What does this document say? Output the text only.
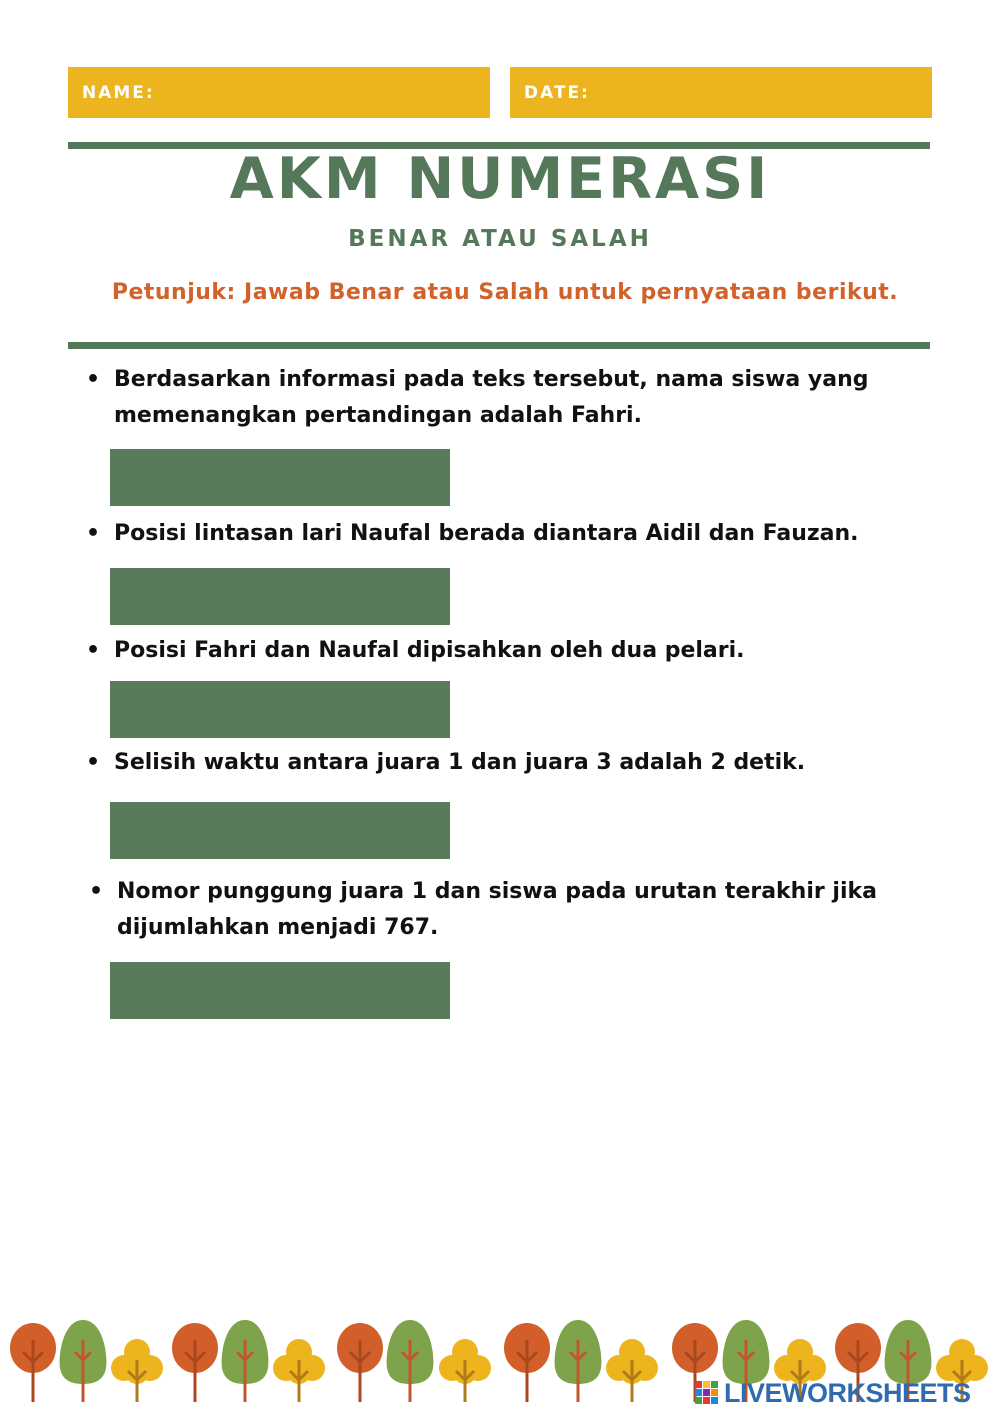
NAME:	DATE:
AKM NUMERASI
BENAR ATAU SALAH
Petunjuk: Jawab Benar atau Salah untuk pernyataan berikut.
• Berdasarkan informasi pada teks tersebut, nama siswa yang memenangkan pertandingan adalah Fahri.
• Posisi lintasan lari Naufal berada diantara Aidil dan Fauzan.
• Posisi Fahri dan Naufal dipisahkan oleh dua pelari.
• Selisih waktu antara juara 1 dan juara 3 adalah 2 detik.
• Nomor punggung juara 1 dan siswa pada urutan terakhir jika dijumlahkan menjadi 767.
LIVEWORKSHEETS
